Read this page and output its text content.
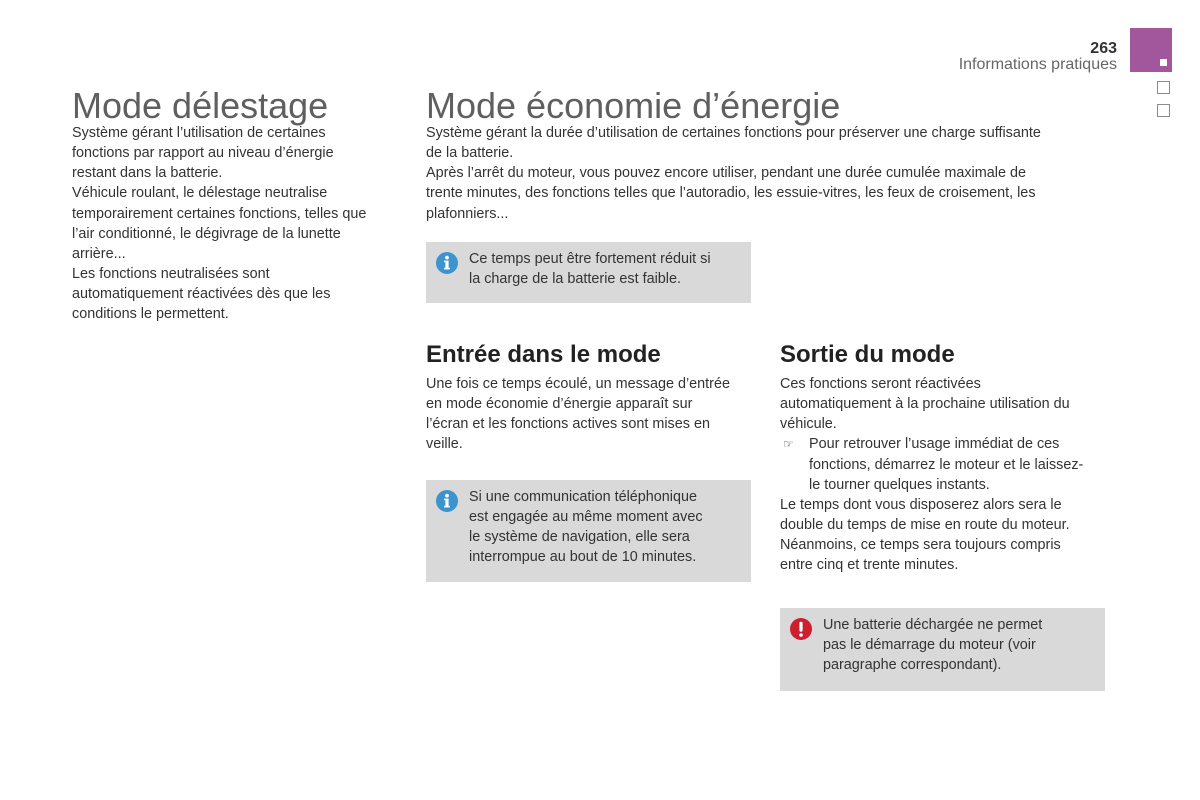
263
Informations pratiques
Mode délestage
Système gérant l’utilisation de certaines
fonctions par rapport au niveau d’énergie
restant dans la batterie.
Véhicule roulant, le délestage neutralise
temporairement certaines fonctions, telles que
l’air conditionné, le dégivrage de la lunette
arrière...
Les fonctions neutralisées sont
automatiquement réactivées dès que les
conditions le permettent.
Mode économie d’énergie
Système gérant la durée d’utilisation de certaines fonctions pour préserver une charge suffisante
de la batterie.
Après l’arrêt du moteur, vous pouvez encore utiliser, pendant une durée cumulée maximale de
trente minutes, des fonctions telles que l’autoradio, les essuie-vitres, les feux de croisement, les
plafonniers...
Ce temps peut être fortement réduit si
la charge de la batterie est faible.
Entrée dans le mode
Une fois ce temps écoulé, un message d’entrée
en mode économie d’énergie apparaît sur
l’écran et les fonctions actives sont mises en
veille.
Si une communication téléphonique
est engagée au même moment avec
le système de navigation, elle sera
interrompue au bout de 10 minutes.
Sortie du mode
Ces fonctions seront réactivées
automatiquement à la prochaine utilisation du
véhicule.
☞
Pour retrouver l’usage immédiat de ces
fonctions, démarrez le moteur et le laissez-
le tourner quelques instants.
Le temps dont vous disposerez alors sera le
double du temps de mise en route du moteur.
Néanmoins, ce temps sera toujours compris
entre cinq et trente minutes.
Une batterie déchargée ne permet
pas le démarrage du moteur (voir
paragraphe correspondant).
